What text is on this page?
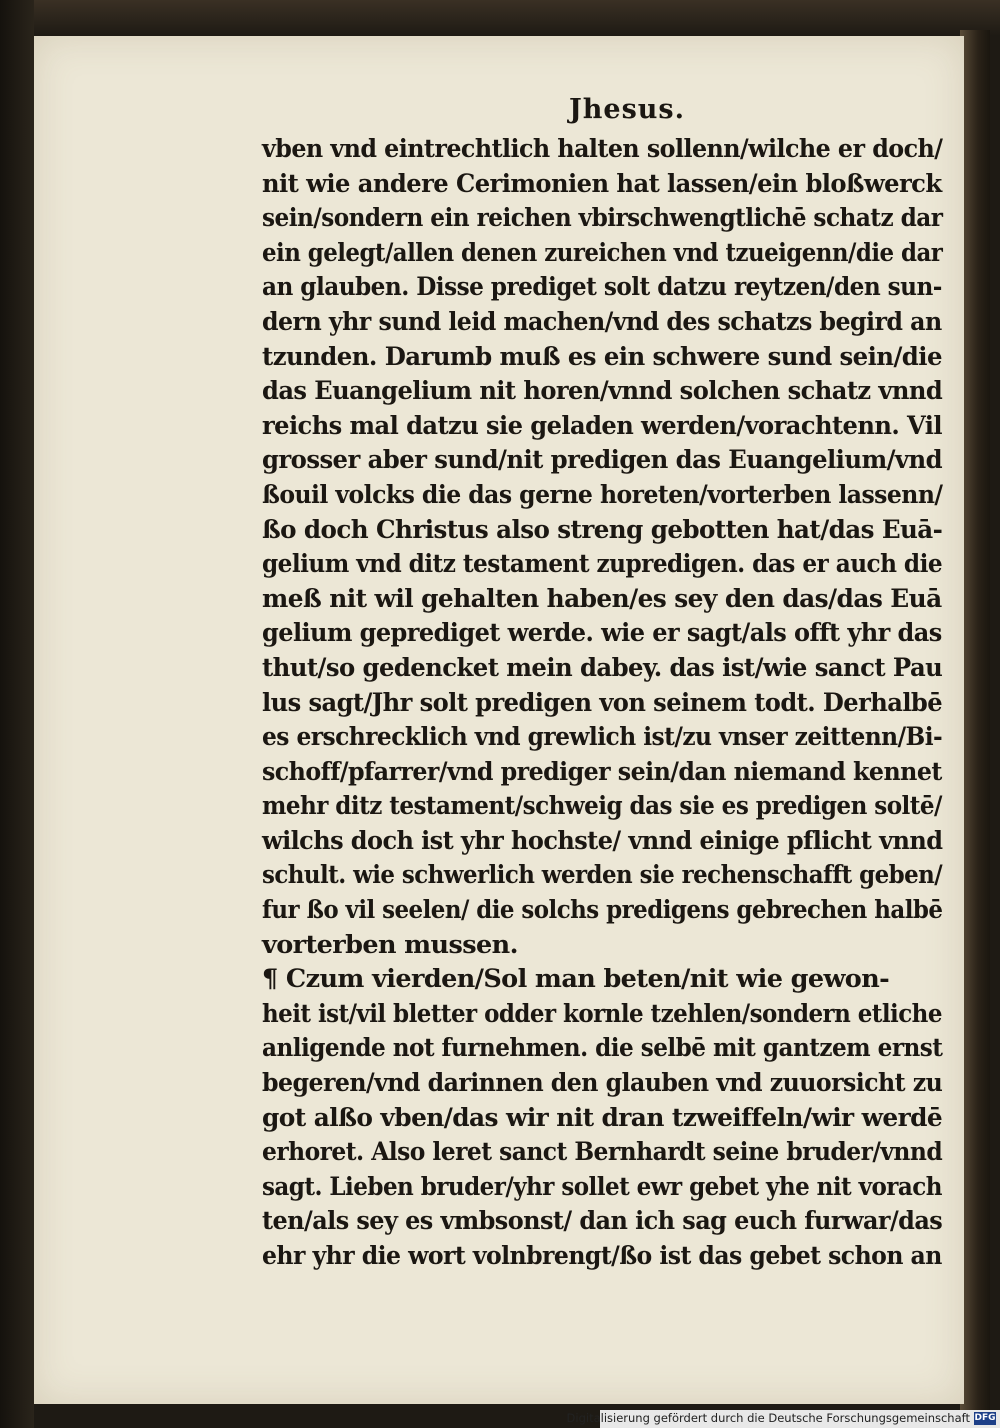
Jhesus.
vben vnd eintrechtlich halten sollenn/wilche er doch/
nit wie andere Cerimonien hat lassen/ein bloßwerck
sein/sondern ein reichen vbirschwengtlichē schatz dar
ein gelegt/allen denen zureichen vnd tzueigenn/die dar
an glauben. Disse prediget solt datzu reytzen/den sun-
dern yhr sund leid machen/vnd des schatzs begird an
tzunden. Darumb muß es ein schwere sund sein/die
das Euangelium nit horen/vnnd solchen schatz vnnd
reichs mal datzu sie geladen werden/vorachtenn. Vil
grosser aber sund/nit predigen das Euangelium/vnd
ßouil volcks die das gerne horeten/vorterben lassenn/
ßo doch Christus also streng gebotten hat/das Euā-
gelium vnd ditz testament zupredigen. das er auch die
meß nit wil gehalten haben/es sey den das/das Euā
gelium geprediget werde. wie er sagt/als offt yhr das
thut/so gedencket mein dabey. das ist/wie sanct Pau
lus sagt/Jhr solt predigen von seinem todt. Derhalbē
es erschrecklich vnd grewlich ist/zu vnser zeittenn/Bi-
schoff/pfarrer/vnd prediger sein/dan niemand kennet
mehr ditz testament/schweig das sie es predigen soltē/
wilchs doch ist yhr hochste/ vnnd einige pflicht vnnd
schult. wie schwerlich werden sie rechenschafft geben/
fur ßo vil seelen/ die solchs predigens gebrechen halbē
vorterben mussen.
¶ Czum vierden/Sol man beten/nit wie gewon-
heit ist/vil bletter odder kornle tzehlen/sondern etliche
anligende not furnehmen. die selbē mit gantzem ernst
begeren/vnd darinnen den glauben vnd zuuorsicht zu
got alßo vben/das wir nit dran tzweiffeln/wir werdē
erhoret. Also leret sanct Bernhardt seine bruder/vnnd
sagt. Lieben bruder/yhr sollet ewr gebet yhe nit vorach
ten/als sey es vmbsonst/ dan ich sag euch furwar/das
ehr yhr die wort volnbrengt/ßo ist das gebet schon an
Digitalisierung gefördert durch die Deutsche Forschungsgemeinschaft DFG
